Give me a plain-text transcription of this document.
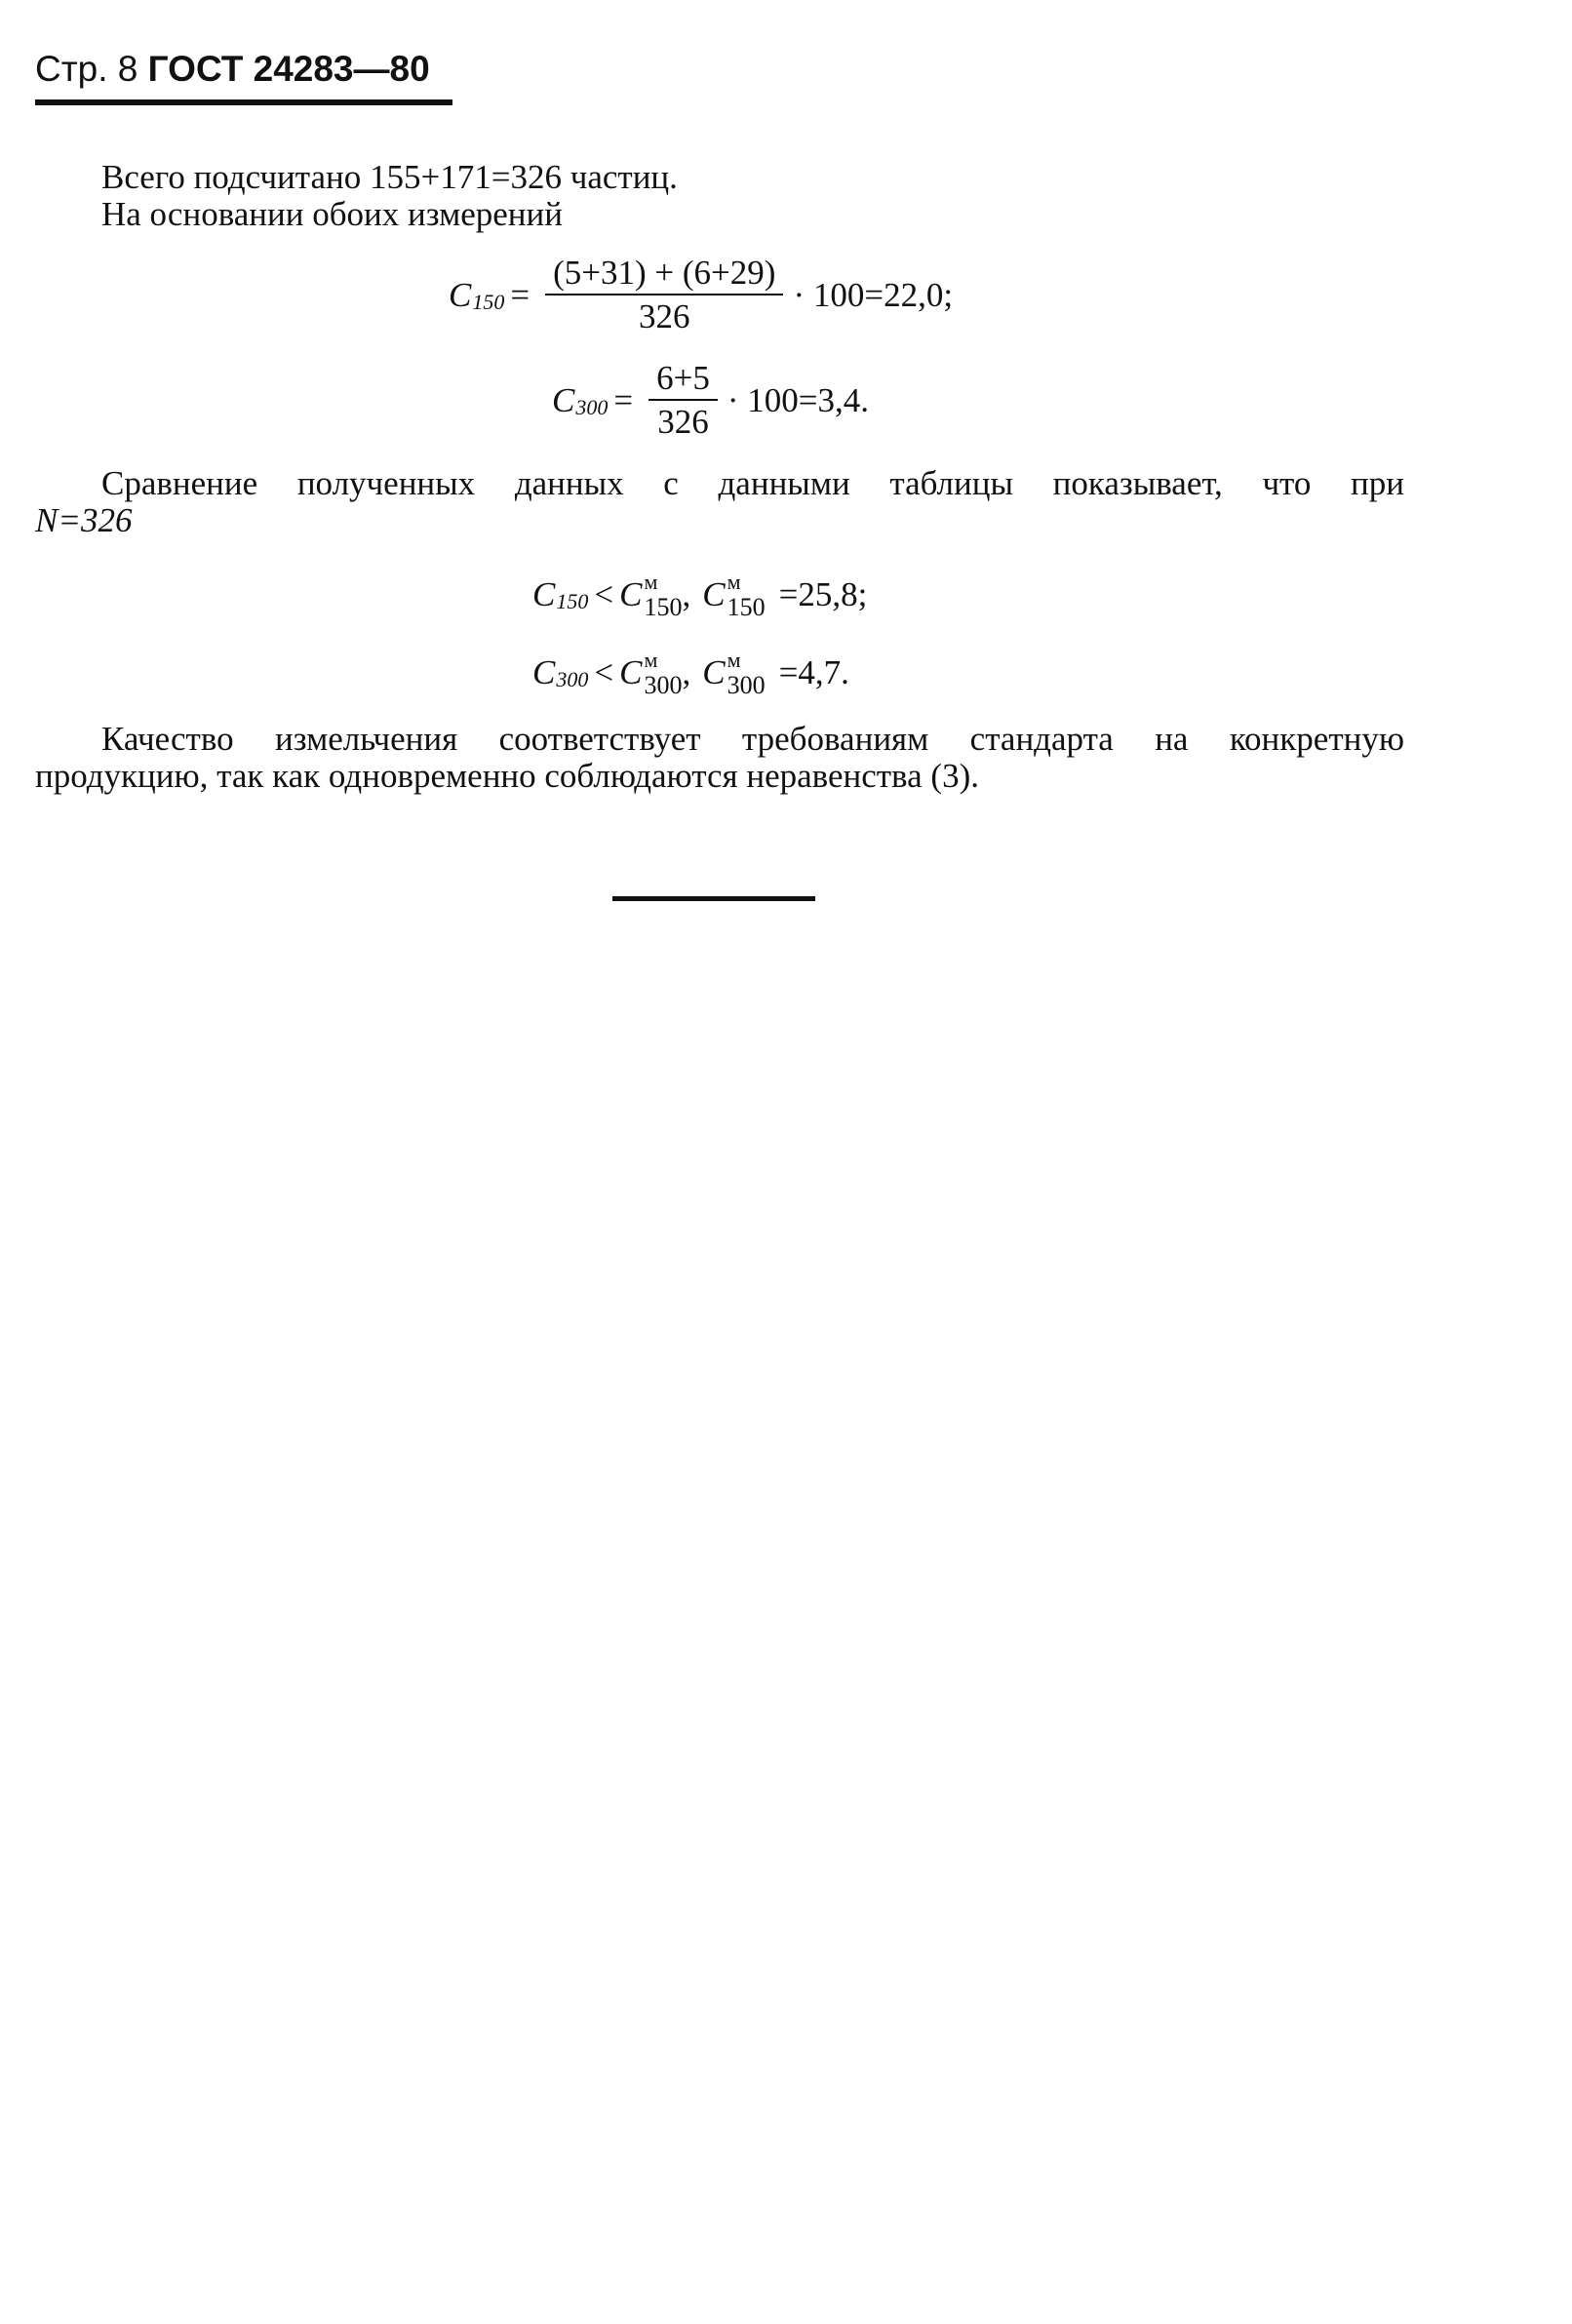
Стр. 8 ГОСТ 24283—80
Всего подсчитано 155+171=326 частиц.
На основании обоих измерений
C $150 = \frac{(5+31) + (6+29)}{326} \cdot 100=22,0$;
C $300 = \frac{6+5}{326} \cdot 100=3,4$.
Сравнение полученных данных с данными таблицы показывает, что при
N=326
C 150 < C м
150 , C м
150 =25,8;
C 300 < C м
300 , C м
300 =4,7.
Качество измельчения соответствует требованиям стандарта на конкретную
продукцию, так как одновременно соблюдаются неравенства (3).
